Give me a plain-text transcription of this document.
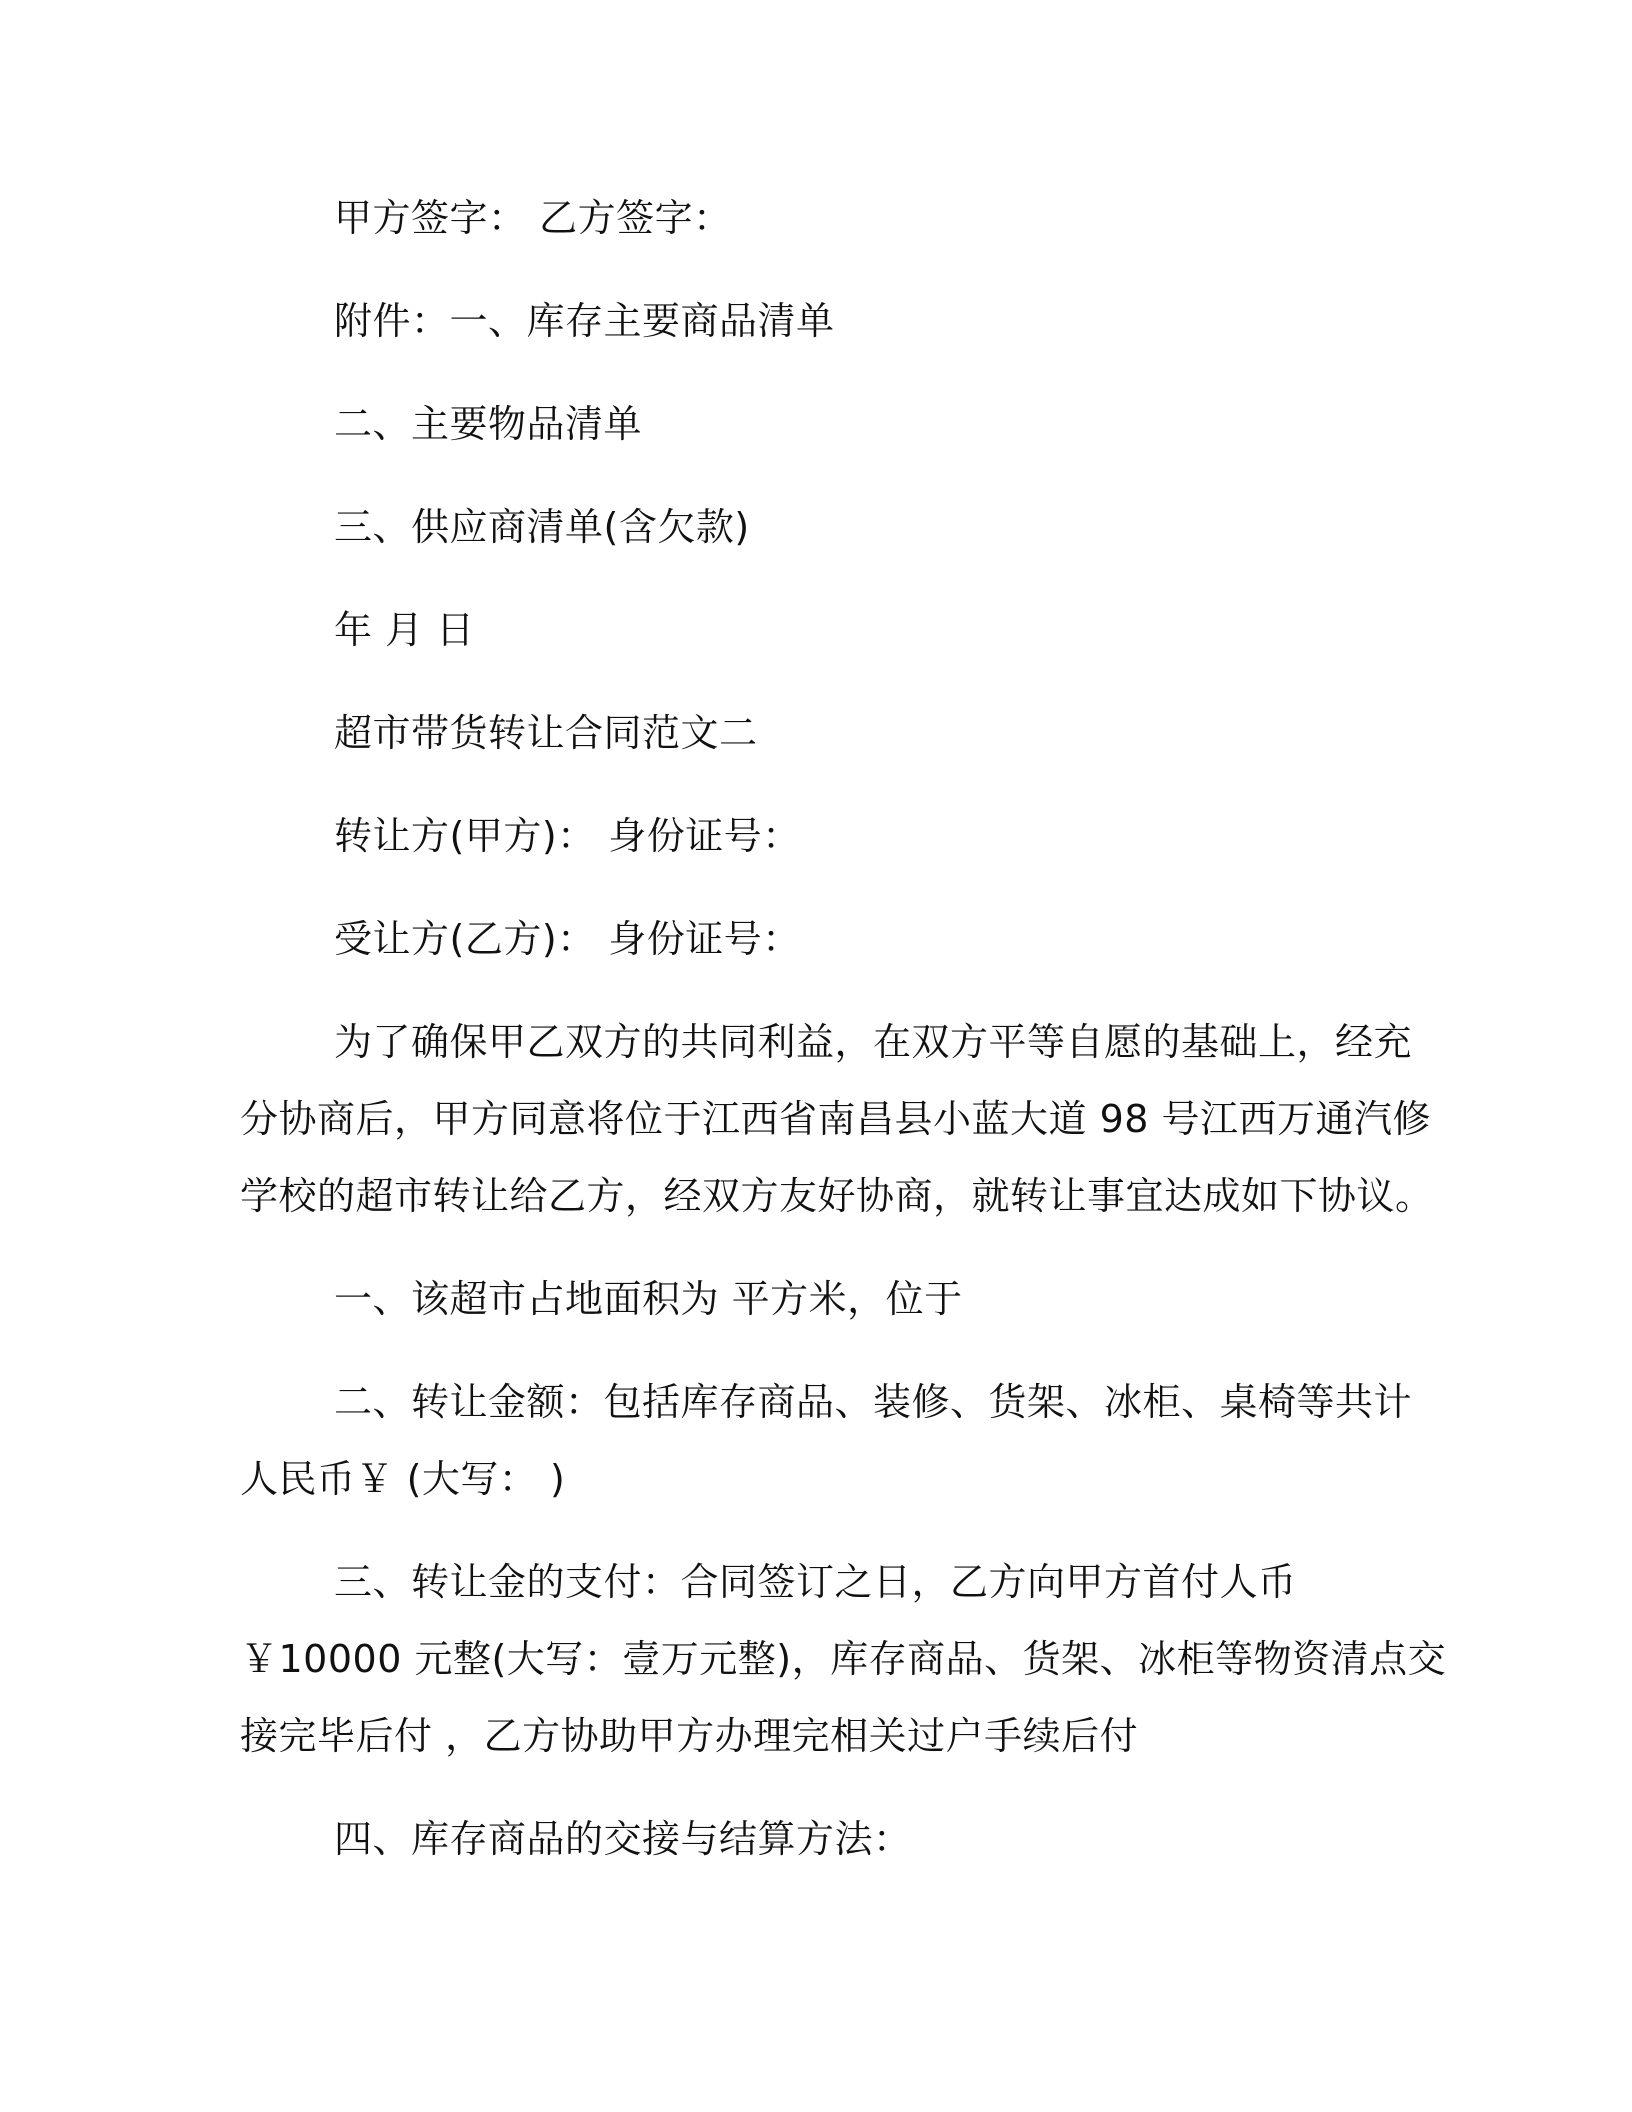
甲方签字： 乙方签字：
附件：一、库存主要商品清单
二、主要物品清单
三、供应商清单(含欠款)
年 月 日
超市带货转让合同范文二
转让方(甲方)： 身份证号：
受让方(乙方)： 身份证号：
为了确保甲乙双方的共同利益，在双方平等自愿的基础上，经充
分协商后，甲方同意将位于江西省南昌县小蓝大道 98 号江西万通汽修
学校的超市转让给乙方，经双方友好协商，就转让事宜达成如下协议。
一、该超市占地面积为 平方米，位于
二、转让金额：包括库存商品、装修、货架、冰柜、桌椅等共计
人民币￥ (大写： )
三、转让金的支付：合同签订之日，乙方向甲方首付人币
￥10000 元整(大写：壹万元整)，库存商品、货架、冰柜等物资清点交
接完毕后付 ，乙方协助甲方办理完相关过户手续后付
四、库存商品的交接与结算方法：
